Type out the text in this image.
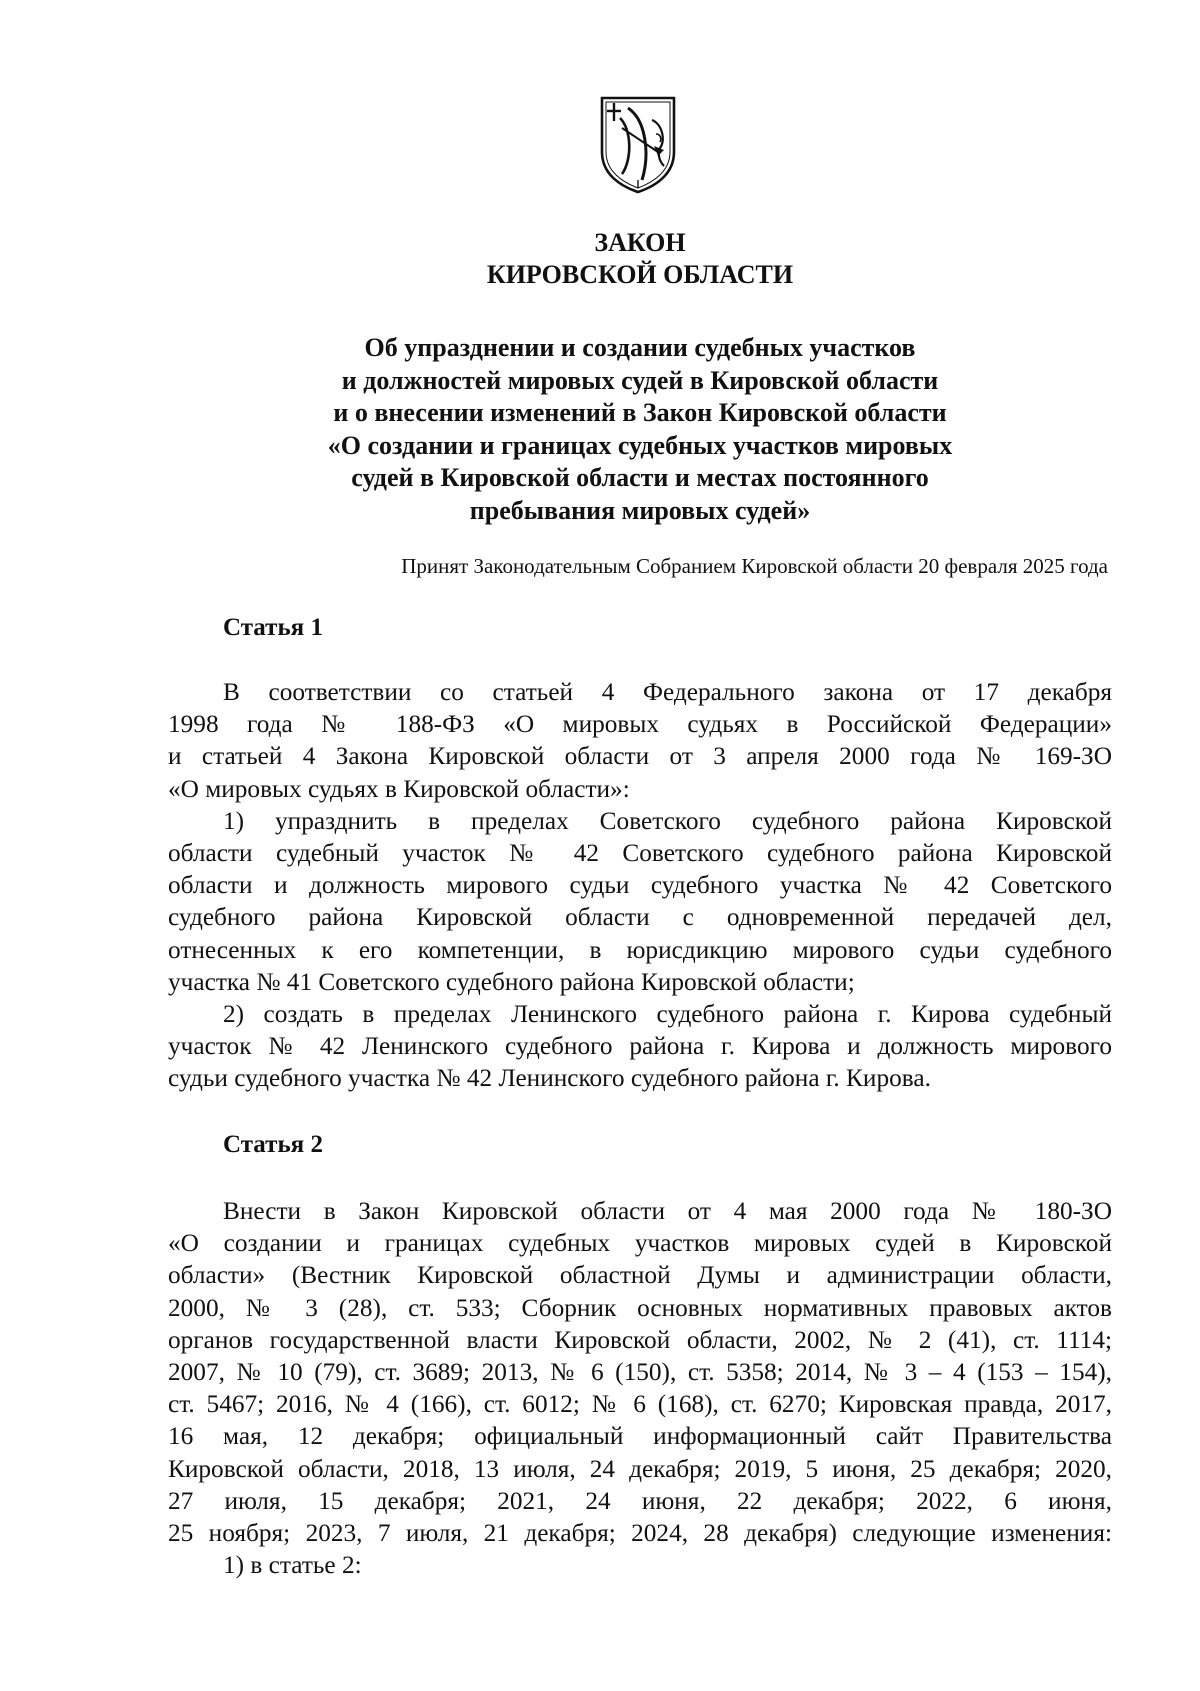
ЗАКОН
КИРОВСКОЙ ОБЛАСТИ
Об упразднении и создании судебных участков
и должностей мировых судей в Кировской области
и о внесении изменений в Закон Кировской области
«О создании и границах судебных участков мировых
судей в Кировской области и местах постоянного
пребывания мировых судей»
Принят Законодательным Собранием Кировской области 20 февраля 2025 года
Статья 1
В соответствии со статьей 4 Федерального закона от 17 декабря
1998 года № 188-ФЗ «О мировых судьях в Российской Федерации»
и статьей 4 Закона Кировской области от 3 апреля 2000 года № 169-ЗО
«О мировых судьях в Кировской области»:
1) упразднить в пределах Советского судебного района Кировской
области судебный участок № 42 Советского судебного района Кировской
области и должность мирового судьи судебного участка № 42 Советского
судебного района Кировской области с одновременной передачей дел,
отнесенных к его компетенции, в юрисдикцию мирового судьи судебного
участка № 41 Советского судебного района Кировской области;
2) создать в пределах Ленинского судебного района г. Кирова судебный
участок № 42 Ленинского судебного района г. Кирова и должность мирового
судьи судебного участка № 42 Ленинского судебного района г. Кирова.
Статья 2
Внести в Закон Кировской области от 4 мая 2000 года № 180-ЗО
«О создании и границах судебных участков мировых судей в Кировской
области» (Вестник Кировской областной Думы и администрации области,
2000, № 3 (28), ст. 533; Сборник основных нормативных правовых актов
органов государственной власти Кировской области, 2002, № 2 (41), ст. 1114;
2007, № 10 (79), ст. 3689; 2013, № 6 (150), ст. 5358; 2014, № 3 – 4 (153 – 154),
ст. 5467; 2016, № 4 (166), ст. 6012; № 6 (168), ст. 6270; Кировская правда, 2017,
16 мая, 12 декабря; официальный информационный сайт Правительства
Кировской области, 2018, 13 июля, 24 декабря; 2019, 5 июня, 25 декабря; 2020,
27 июля, 15 декабря; 2021, 24 июня, 22 декабря; 2022, 6 июня,
25 ноября; 2023, 7 июля, 21 декабря; 2024, 28 декабря) следующие изменения:
1) в статье 2:
